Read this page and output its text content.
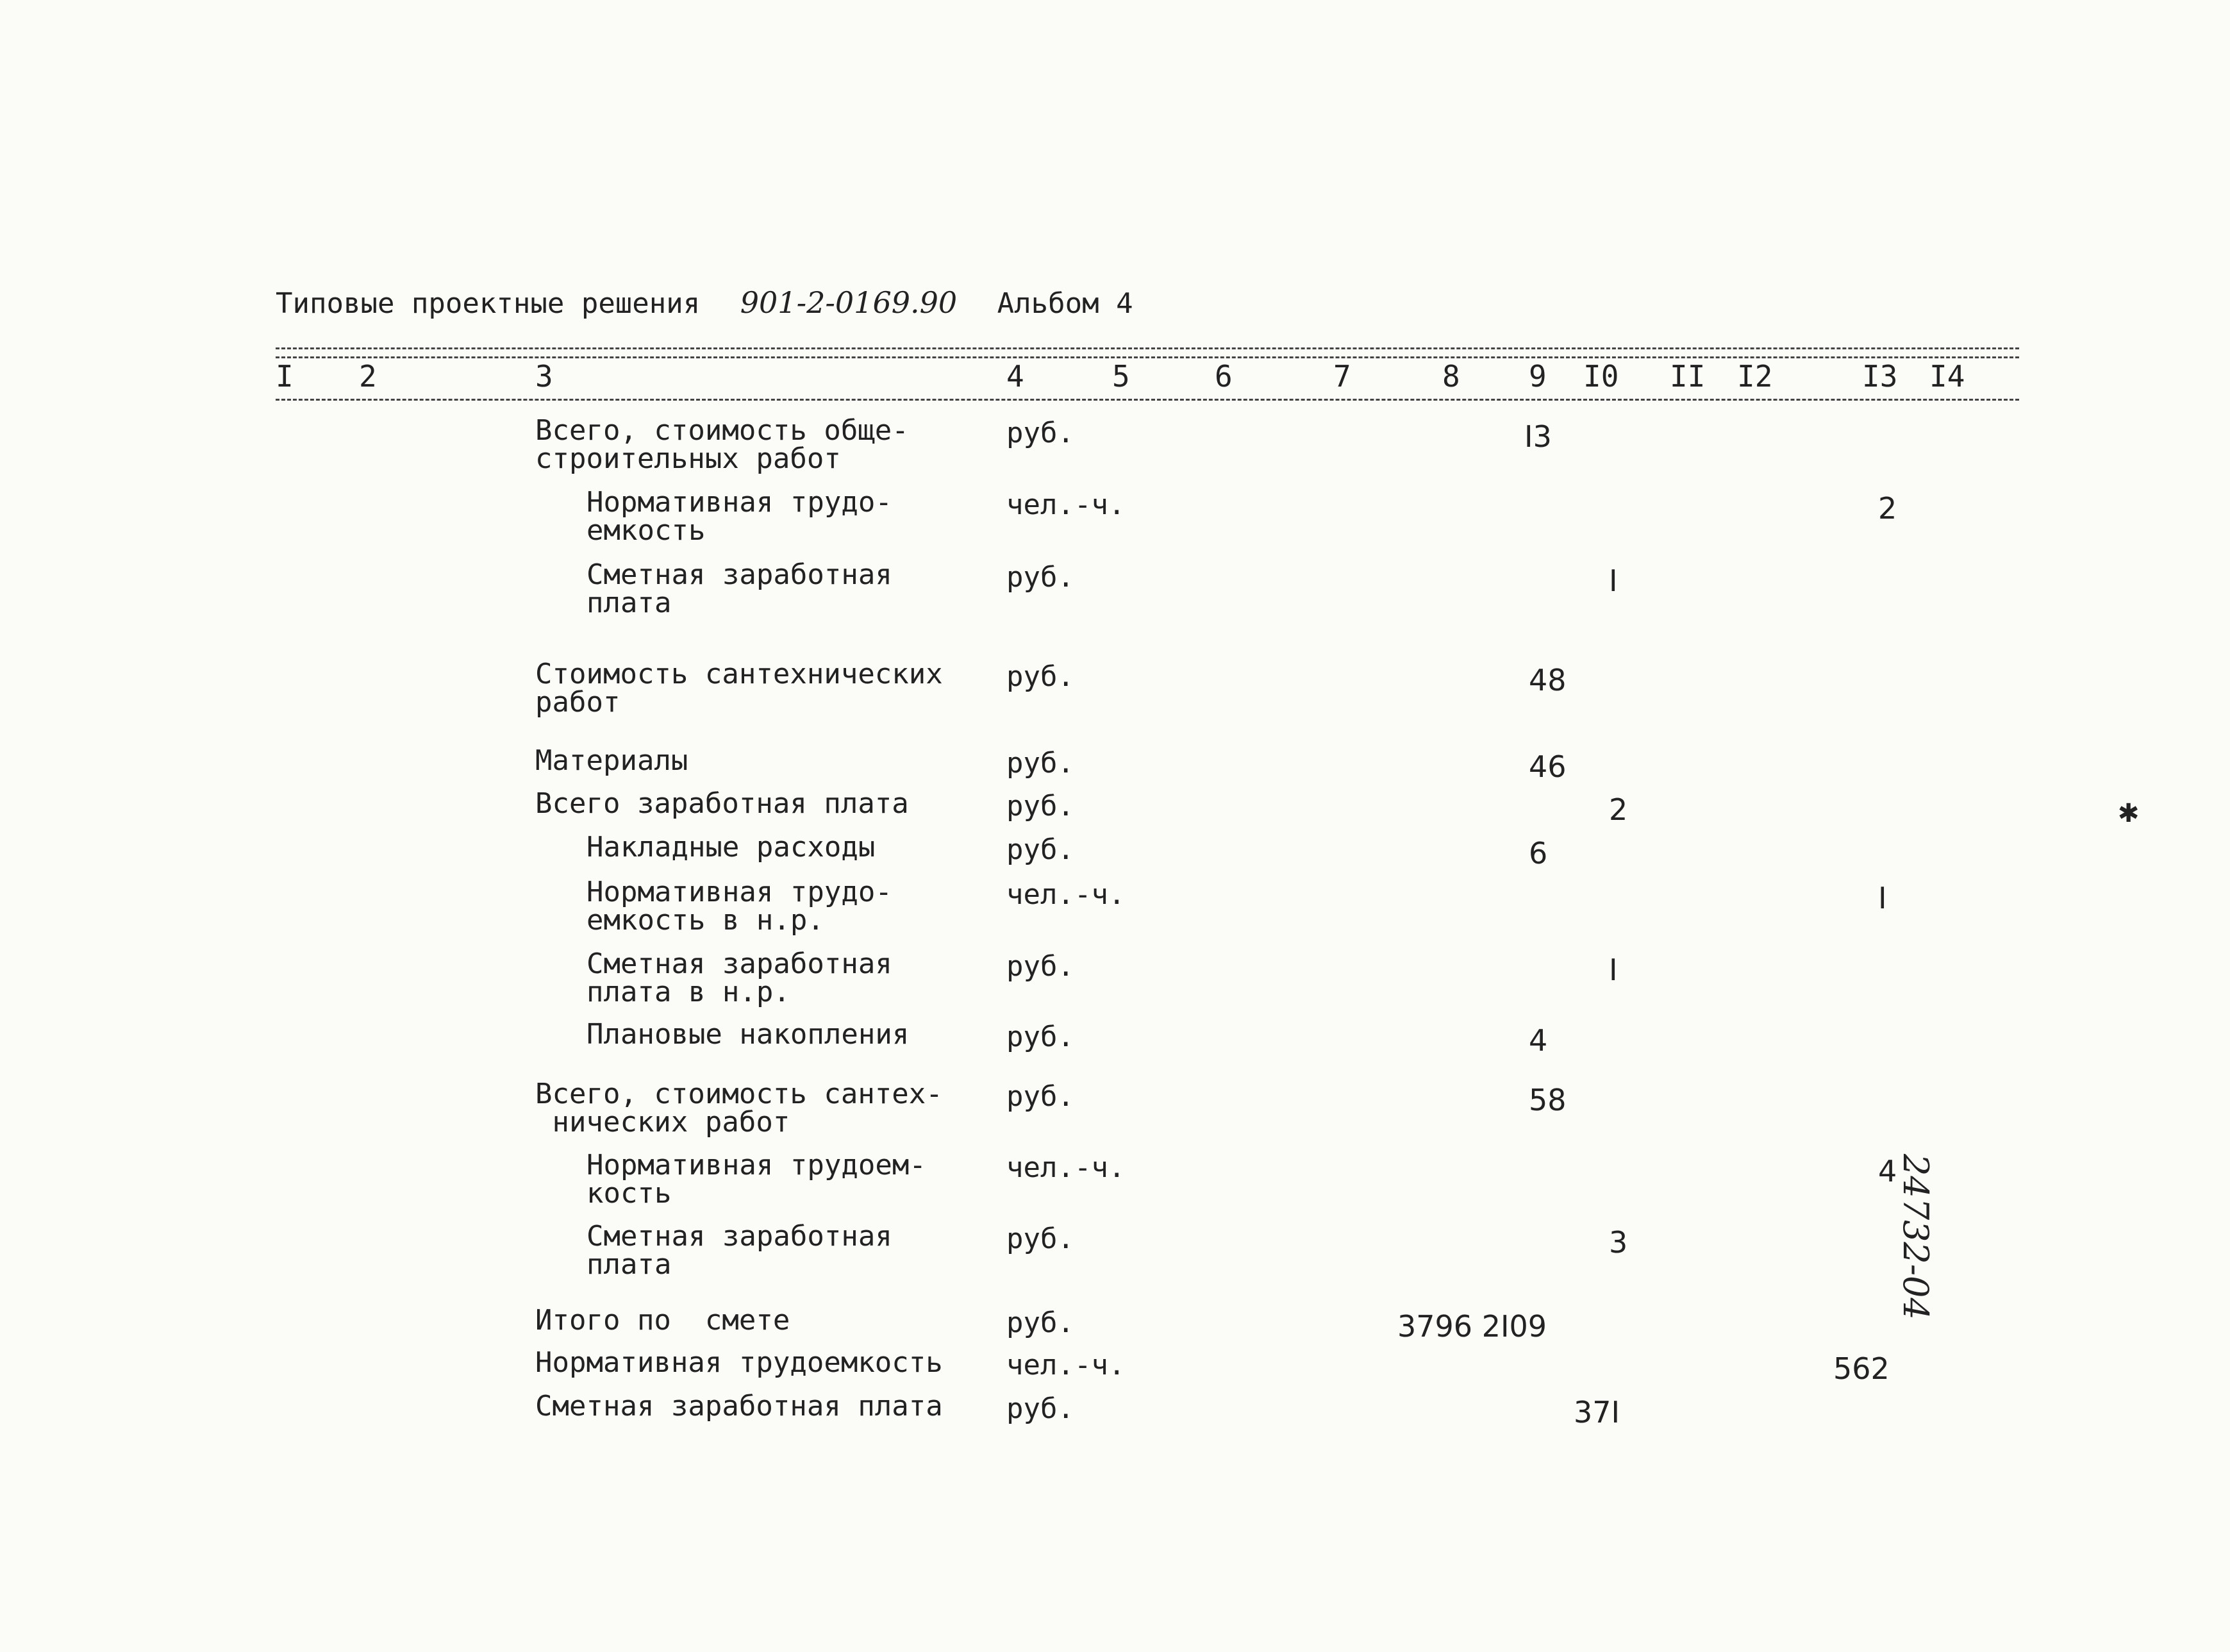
Типовые проектные решения 901-2-0169.90 Альбом 4
I 2	3	4	5	6	7	8 9 I0 II I2	I3 I4
Всего, стоимость обще-
строительных работ
руб.	I3
Нормативная трудо-
емкость
чел.-ч.	2
Сметная заработная
плата
руб.	I
Стоимость сантехнических
работ
руб.	48
Материалы	руб.	46
Всего заработная плата	руб.	2
Накладные расходы	руб.	6
Нормативная трудо-
емкость в н.р.
чел.-ч.	I
Сметная заработная
плата в н.р.
руб.	I
Плановые накопления	руб.	4
Всего, стоимость сантех-
ническиx работ
руб.	58
Нормативная трудоем-
кость
чел.-ч.	4
Сметная заработная
плата
руб.	3
Итого по  смете	руб.	3796 2I09
Нормативная трудоемкость чел.-ч.	562
Сметная заработная плата руб.	37I
24732-04
✱
